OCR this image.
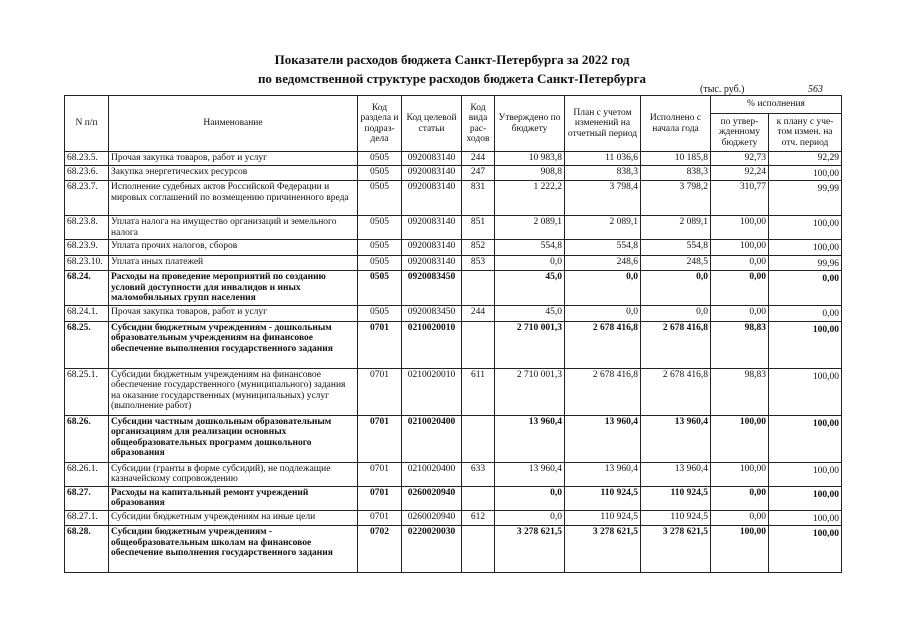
Показатели расходов бюджета Санкт-Петербурга за 2022 год
по ведомственной структуре расходов бюджета Санкт-Петербурга
(тыс. руб.)	563
N п/п	Наименование	Код раздела и подраз-дела	Код целевой статьи	Код вида рас-ходов	Утверждено по бюджету	План с учетом изменений на отчетный период	Исполнено с начала года	% исполнения	
								по утвер-жденному бюджету	к плану с уче-том измен. на отч. период
68.23.5.	Прочая закупка товаров, работ и услуг	0505	0920083140	244	10 983,8	11 036,6	10 185,8	92,73	92,29
68.23.6.	Закупка энергетических ресурсов	0505	0920083140	247	908,8	838,3	838,3	92,24	100,00
68.23.7.	Исполнение судебных актов Российской Федерации и мировых соглашений по возмещению причиненного вреда	0505	0920083140	831	1 222,2	3 798,4	3 798,2	310,77	99,99
68.23.8.	Уплата налога на имущество организаций и земельного налога	0505	0920083140	851	2 089,1	2 089,1	2 089,1	100,00	100,00
68.23.9.	Уплата прочих налогов, сборов	0505	0920083140	852	554,8	554,8	554,8	100,00	100,00
68.23.10.	Уплата иных платежей	0505	0920083140	853	0,0	248,6	248,5	0,00	99,96
68.24.	Расходы на проведение мероприятий по созданию условий доступности для инвалидов и иных маломобильных групп населения	0505	0920083450		45,0	0,0	0,0	0,00	0,00
68.24.1.	Прочая закупка товаров, работ и услуг	0505	0920083450	244	45,0	0,0	0,0	0,00	0,00
68.25.	Субсидии бюджетным учреждениям - дошкольным образовательным учреждениям на финансовое обеспечение выполнения государственного задания	0701	0210020010		2 710 001,3	2 678 416,8	2 678 416,8	98,83	100,00
68.25.1.	Субсидии бюджетным учреждениям на финансовое обеспечение государственного (муниципального) задания на оказание государственных (муниципальных) услуг (выполнение работ)	0701	0210020010	611	2 710 001,3	2 678 416,8	2 678 416,8	98,83	100,00
68.26.	Субсидии частным дошкольным образовательным организациям для реализации основных общеобразовательных программ дошкольного образования	0701	0210020400		13 960,4	13 960,4	13 960,4	100,00	100,00
68.26.1.	Субсидии (гранты в форме субсидий), не подлежащие казначейскому сопровождению	0701	0210020400	633	13 960,4	13 960,4	13 960,4	100,00	100,00
68.27.	Расходы на капитальный ремонт учреждений образования	0701	0260020940		0,0	110 924,5	110 924,5	0,00	100,00
68.27.1.	Субсидии бюджетным учреждениям на иные цели	0701	0260020940	612	0,0	110 924,5	110 924,5	0,00	100,00
68.28.	Субсидии бюджетным учреждениям - общеобразовательным школам на финансовое обеспечение выполнения государственного задания	0702	0220020030		3 278 621,5	3 278 621,5	3 278 621,5	100,00	100,00
